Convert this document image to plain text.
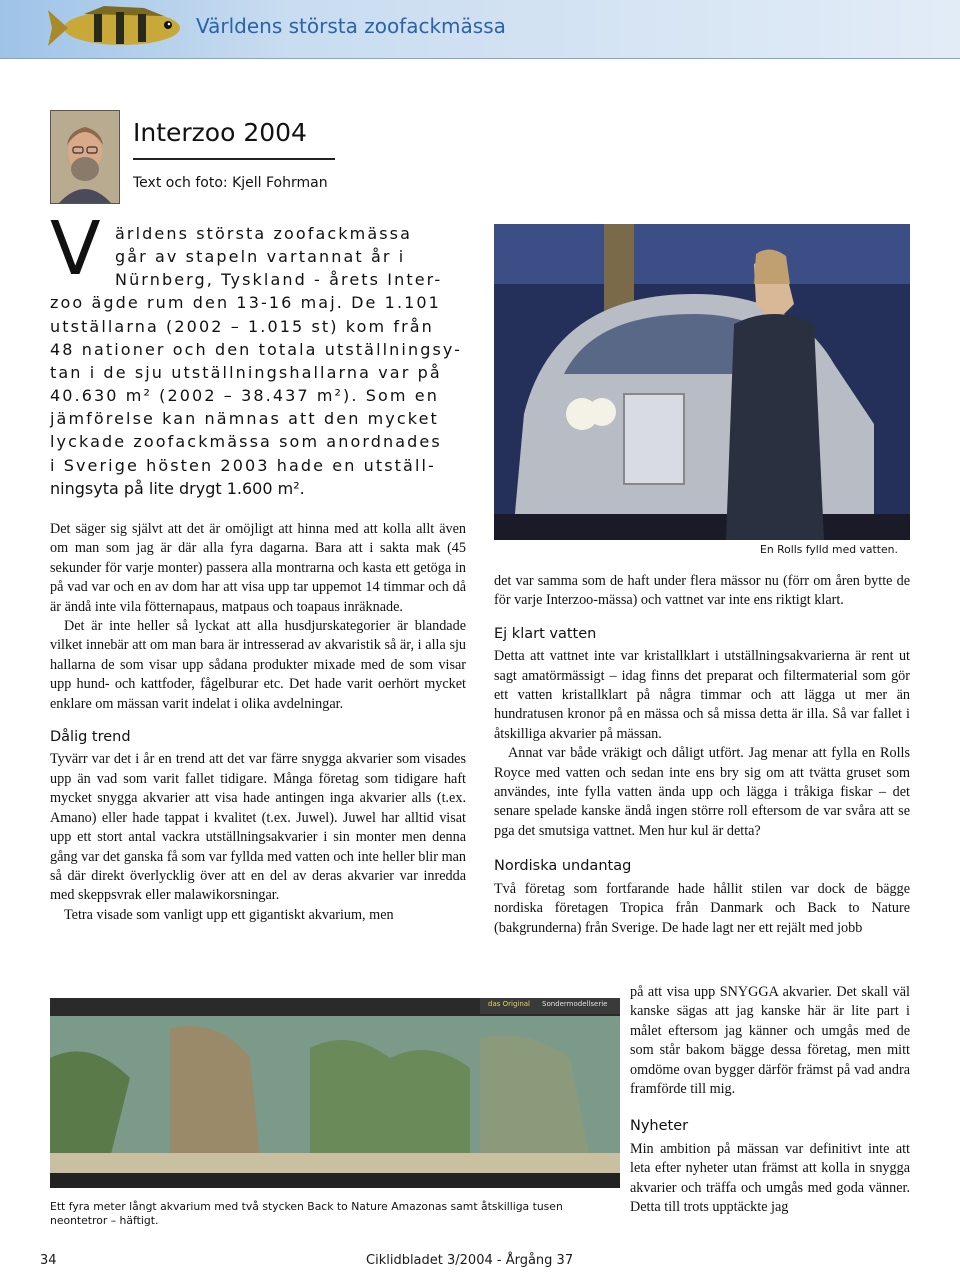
Världens största zoofackmässa
Interzoo 2004
Text och foto: Kjell Fohrman
V ärldens största zoofackmässa
går av stapeln vartannat år i
Nürnberg, Tyskland - årets Inter-
zoo ägde rum den 13-16 maj. De 1.101
utställarna (2002 – 1.015 st) kom från
48 nationer och den totala utställningsy-
tan i de sju utställningshallarna var på
40.630 m² (2002 – 38.437 m²). Som en
jämförelse kan nämnas att den mycket
lyckade zoofackmässa som anordnades
i Sverige hösten 2003 hade en utställ-
ningsyta på lite drygt 1.600 m².

Det säger sig självt att det är omöjligt att hinna med att kolla allt även om man som jag är där alla fyra dagarna. Bara att i sakta mak (45 sekunder för varje monter) passera alla montrarna och kasta ett getöga in på vad var och en av dom har att visa upp tar uppemot 14 timmar och då är ändå inte vila fötternapaus, matpaus och toapaus inräknade.

Det är inte heller så lyckat att alla husdjurskategorier är blandade vilket innebär att om man bara är intresserad av akvaristik så är, i alla sju hallarna de som visar upp sådana produkter mixade med de som visar upp hund- och kattfoder, fågelburar etc. Det hade varit oerhört mycket enklare om mässan varit indelat i olika avdelningar.

Dålig trend

Tyvärr var det i år en trend att det var färre snygga akvarier som visades upp än vad som varit fallet tidigare. Många företag som tidigare haft mycket snygga akvarier att visa hade antingen inga akvarier alls (t.ex. Amano) eller hade tappat i kvalitet (t.ex. Juwel). Juwel har alltid visat upp ett stort antal vackra utställningsakvarier i sin monter men denna gång var det ganska få som var fyllda med vatten och inte heller blir man så där direkt överlycklig över att en del av deras akvarier var inredda med skeppsvrak eller malawikorsningar.

Tetra visade som vanligt upp ett gigantiskt akvarium, men

En Rolls fylld med vatten.

det var samma som de haft under flera mässor nu (förr om åren bytte de för varje Interzoo-mässa) och vattnet var inte ens riktigt klart.

Ej klart vatten

Detta att vattnet inte var kristallklart i utställningsakvarierna är rent ut sagt amatörmässigt – idag finns det preparat och filtermaterial som gör ett vatten kristallklart på några timmar och att lägga ut mer än hundratusen kronor på en mässa och så missa detta är illa. Så var fallet i åtskilliga akvarier på mässan.

Annat var både vräkigt och dåligt utfört. Jag menar att fylla en Rolls Royce med vatten och sedan inte ens bry sig om att tvätta gruset som användes, inte fylla vatten ända upp och lägga i tråkiga fiskar – det senare spelade kanske ändå ingen större roll eftersom de var svåra att se pga det smutsiga vattnet. Men hur kul är detta?

Nordiska undantag

Två företag som fortfarande hade hållit stilen var dock de bägge nordiska företagen Tropica från Danmark och Back to Nature (bakgrunderna) från Sverige. De hade lagt ner ett rejält med jobb

på att visa upp SNYGGA akvarier. Det skall väl kanske sägas att jag kanske här är lite part i målet eftersom jag känner och umgås med de som står bakom bägge dessa företag, men mitt omdöme ovan bygger därför främst på vad andra framförde till mig.

Nyheter

Min ambition på mässan var definitivt inte att leta efter nyheter utan främst att kolla in snygga akvarier och träffa och umgås med goda vänner. Detta till trots upptäckte jag

das Original Sondermodellserie
Ett fyra meter långt akvarium med två stycken Back to Nature Amazonas samt åtskilliga tusen neontetror – häftigt.
34	Ciklidbladet 3/2004 - Årgång 37
